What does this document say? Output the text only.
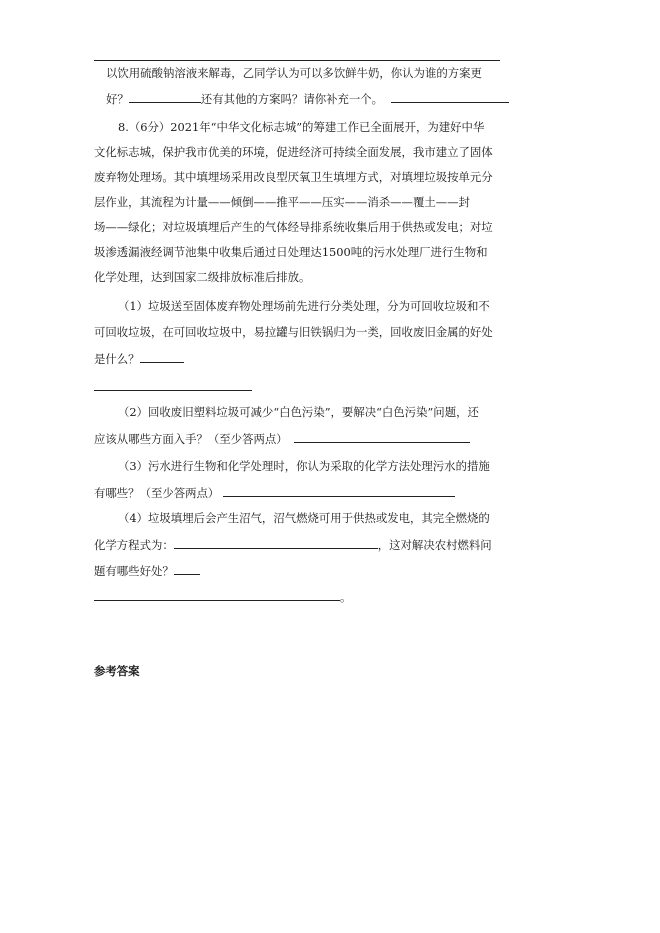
以饮用硫酸钠溶液来解毒，乙同学认为可以多饮鲜牛奶，你认为谁的方案更
好？	还有其他的方案吗？请你补充一个。
8.（6分）2021年“中华文化标志城”的筹建工作已全面展开，为建好中华
文化标志城，保护我市优美的环境，促进经济可持续全面发展，我市建立了固体
废弃物处理场。其中填埋场采用改良型厌氧卫生填埋方式，对填埋垃圾按单元分
层作业，其流程为计量——倾倒——推平——压实——消杀——覆土——封
场——绿化；对垃圾填埋后产生的气体经导排系统收集后用于供热或发电；对垃
圾渗透漏液经调节池集中收集后通过日处理达1500吨的污水处理厂进行生物和
化学处理，达到国家二级排放标准后排放。
（1）垃圾送至固体废弃物处理场前先进行分类处理，分为可回收垃圾和不
可回收垃圾，在可回收垃圾中，易拉罐与旧铁锅归为一类，回收废旧金属的好处
是什么？
（2）回收废旧塑料垃圾可减少“白色污染”，要解决“白色污染”问题，还
应该从哪些方面入手？（至少答两点）
（3）污水进行生物和化学处理时，你认为采取的化学方法处理污水的措施
有哪些？（至少答两点）
（4）垃圾填埋后会产生沼气，沼气燃烧可用于供热或发电，其完全燃烧的
化学方程式为：	，这对解决农村燃料问
题有哪些好处？
。
参考答案
